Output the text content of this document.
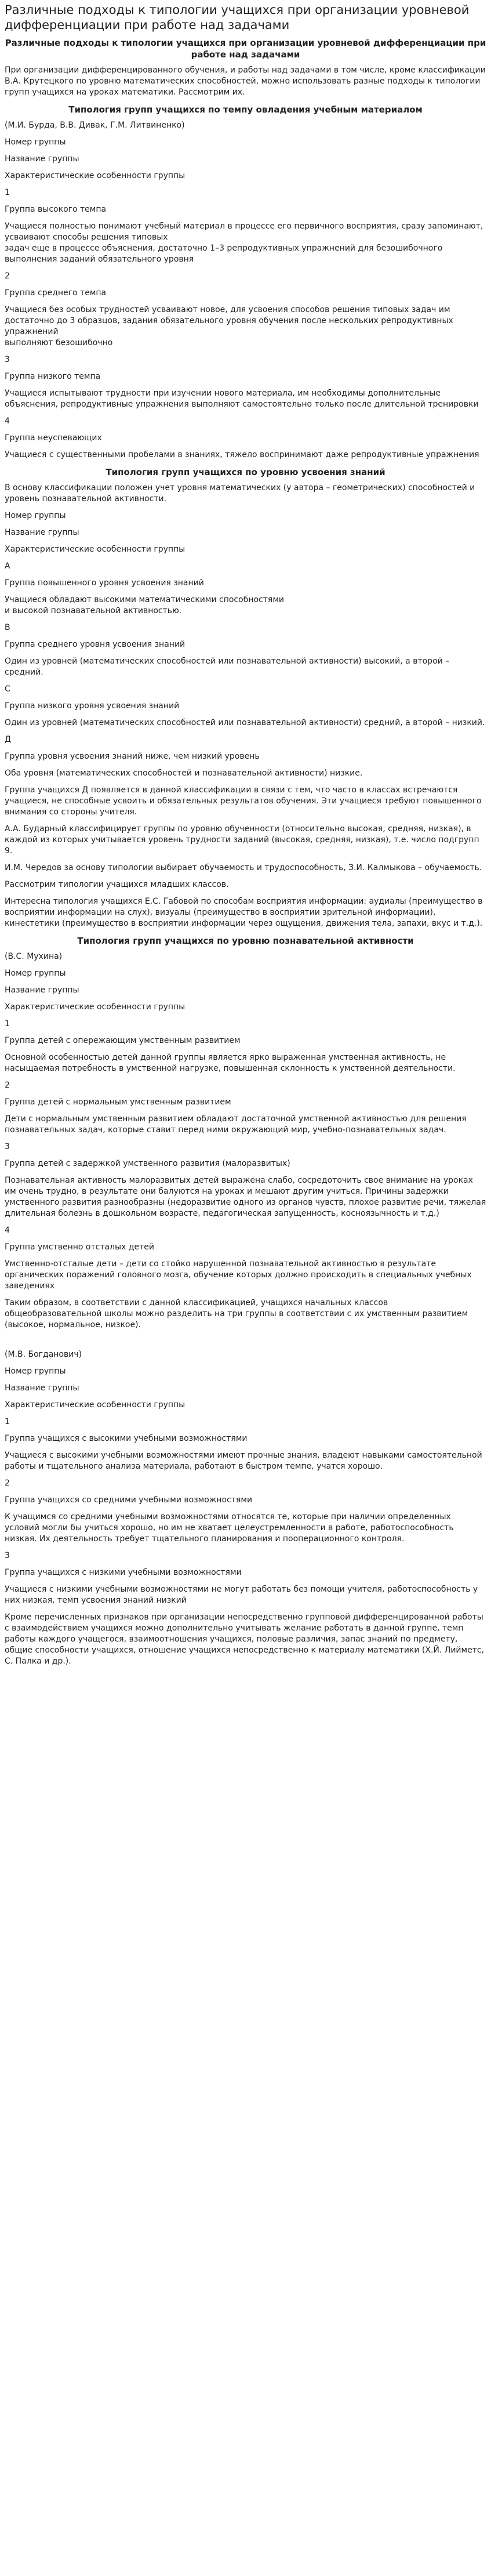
Различные подходы к типологии учащихся при организации уровневой дифференциации при работе над задачами
Различные подходы к типологии учащихся при организации уровневой дифференциации при работе над задачами

При организации дифференцированного обучения, и работы над задачами в том числе, кроме классификации В.А. Крутецкого по уровню математических способностей, можно использовать разные подходы к типологии групп учащихся на уроках математики. Рассмотрим их.

Типология групп учащихся по темпу овладения учебным материалом

(М.И. Бурда, В.В. Дивак, Г.М. Литвиненко)

Номер группы

Название группы

Характеристические особенности группы

1

Группа высокого темпа

Учащиеся полностью понимают учебный материал в процессе его первичного восприятия, сразу запоминают, усваивают способы решения типовых
задач еще в процессе объяснения, достаточно 1–3 репродуктивных упражнений для безошибочного выполнения заданий обязательного уровня

2

Группа среднего темпа

Учащиеся без особых трудностей усваивают новое, для усвоения способов решения типовых задач им достаточно до 3 образцов, задания обязательного уровня обучения после нескольких репродуктивных упражнений
выполняют безошибочно

3

Группа низкого темпа

Учащиеся испытывают трудности при изучении нового материала, им необходимы дополнительные объяснения, репродуктивные упражнения выполняют самостоятельно только после длительной тренировки

4

Группа неуспевающих

Учащиеся с существенными пробелами в знаниях, тяжело воспринимают даже репродуктивные упражнения

Типология групп учащихся по уровню усвоения знаний

В основу классификации положен учет уровня математических (у автора – геометрических) способностей и уровень познавательной активности.

Номер группы

Название группы

Характеристические особенности группы

А

Группа повышенного уровня усвоения знаний

Учащиеся обладают высокими математическими способностями
и высокой познавательной активностью.

В

Группа среднего уровня усвоения знаний

Один из уровней (математических способностей или познавательной активности) высокий, а второй – средний.

С

Группа низкого уровня усвоения знаний

Один из уровней (математических способностей или познавательной активности) средний, а второй – низкий.

Д

Группа уровня усвоения знаний ниже, чем низкий уровень

Оба уровня (математических способностей и познавательной активности) низкие.

Группа учащихся Д появляется в данной классификации в связи с тем, что часто в классах встречаются учащиеся, не способные усвоить и обязательных результатов обучения. Эти учащиеся требуют повышенного внимания со стороны учителя.

А.А. Бударный классифицирует группы по уровню обученности (относительно высокая, средняя, низкая), в каждой из которых учитывается уровень трудности заданий (высокая, средняя, низкая), т.е. число подгрупп 9.

И.М. Чередов за основу типологии выбирает обучаемость и трудоспособность, З.И. Калмыкова – обучаемость.

Рассмотрим типологии учащихся младших классов.

Интересна типология учащихся Е.С. Габовой по способам восприятия информации: аудиалы (преимущество в восприятии информации на слух), визуалы (преимущество в восприятии зрительной информации), кинестетики (преимущество в восприятии информации через ощущения, движения тела, запахи, вкус и т.д.).

Типология групп учащихся по уровню познавательной активности

(В.С. Мухина)

Номер группы

Название группы

Характеристические особенности группы

1

Группа детей с опережающим умственным развитием

Основной особенностью детей данной группы является ярко выраженная умственная активность, не насыщаемая потребность в умственной нагрузке, повышенная склонность к умственной деятельности.

2

Группа детей с нормальным умственным развитием

Дети с нормальным умственным развитием обладают достаточной умственной активностью для решения познавательных задач, которые ставит перед ними окружающий мир, учебно-познавательных задач.

3

Группа детей с задержкой умственного развития (малоразвитых)

Познавательная активность малоразвитых детей выражена слабо, сосредоточить свое внимание на уроках им очень трудно, в результате они балуются на уроках и мешают другим учиться. Причины задержки умственного развития разнообразны (недоразвитие одного из органов чувств, плохое развитие речи, тяжелая длительная болезнь в дошкольном возрасте, педагогическая запущенность, косноязычность и т.д.)

4

Группа умственно отсталых детей

Умственно-отсталые дети – дети со стойко нарушенной познавательной активностью в результате органических поражений головного мозга, обучение которых должно происходить в специальных учебных заведениях

Таким образом, в соответствии с данной классификацией, учащихся начальных классов общеобразовательной школы можно разделить на три группы в соответствии с их умственным развитием (высокое, нормальное, низкое).

(М.В. Богданович)

Номер группы

Название группы

Характеристические особенности группы

1

Группа учащихся с высокими учебными возможностями

Учащиеся с высокими учебными возможностями имеют прочные знания, владеют навыками самостоятельной работы и тщательного анализа материала, работают в быстром темпе, учатся хорошо.

2

Группа учащихся со средними учебными возможностями

К учащимся со средними учебными возможностями относятся те, которые при наличии определенных условий могли бы учиться хорошо, но им не хватает целеустремленности в работе, работоспособность низкая. Их деятельность требует тщательного планирования и пооперационного контроля.

3

Группа учащихся с низкими учебными возможностями

Учащиеся с низкими учебными возможностями не могут работать без помощи учителя, работоспособность у них низкая, темп усвоения знаний низкий

Кроме перечисленных признаков при организации непосредственно групповой дифференцированной работы с взаимодействием учащихся можно дополнительно учитывать желание работать в данной группе, темп работы каждого учащегося, взаимоотношения учащихся, половые различия, запас знаний по предмету, общие способности учащихся, отношение учащихся непосредственно к материалу математики (Х.Й. Лийметс, С. Палка и др.).
